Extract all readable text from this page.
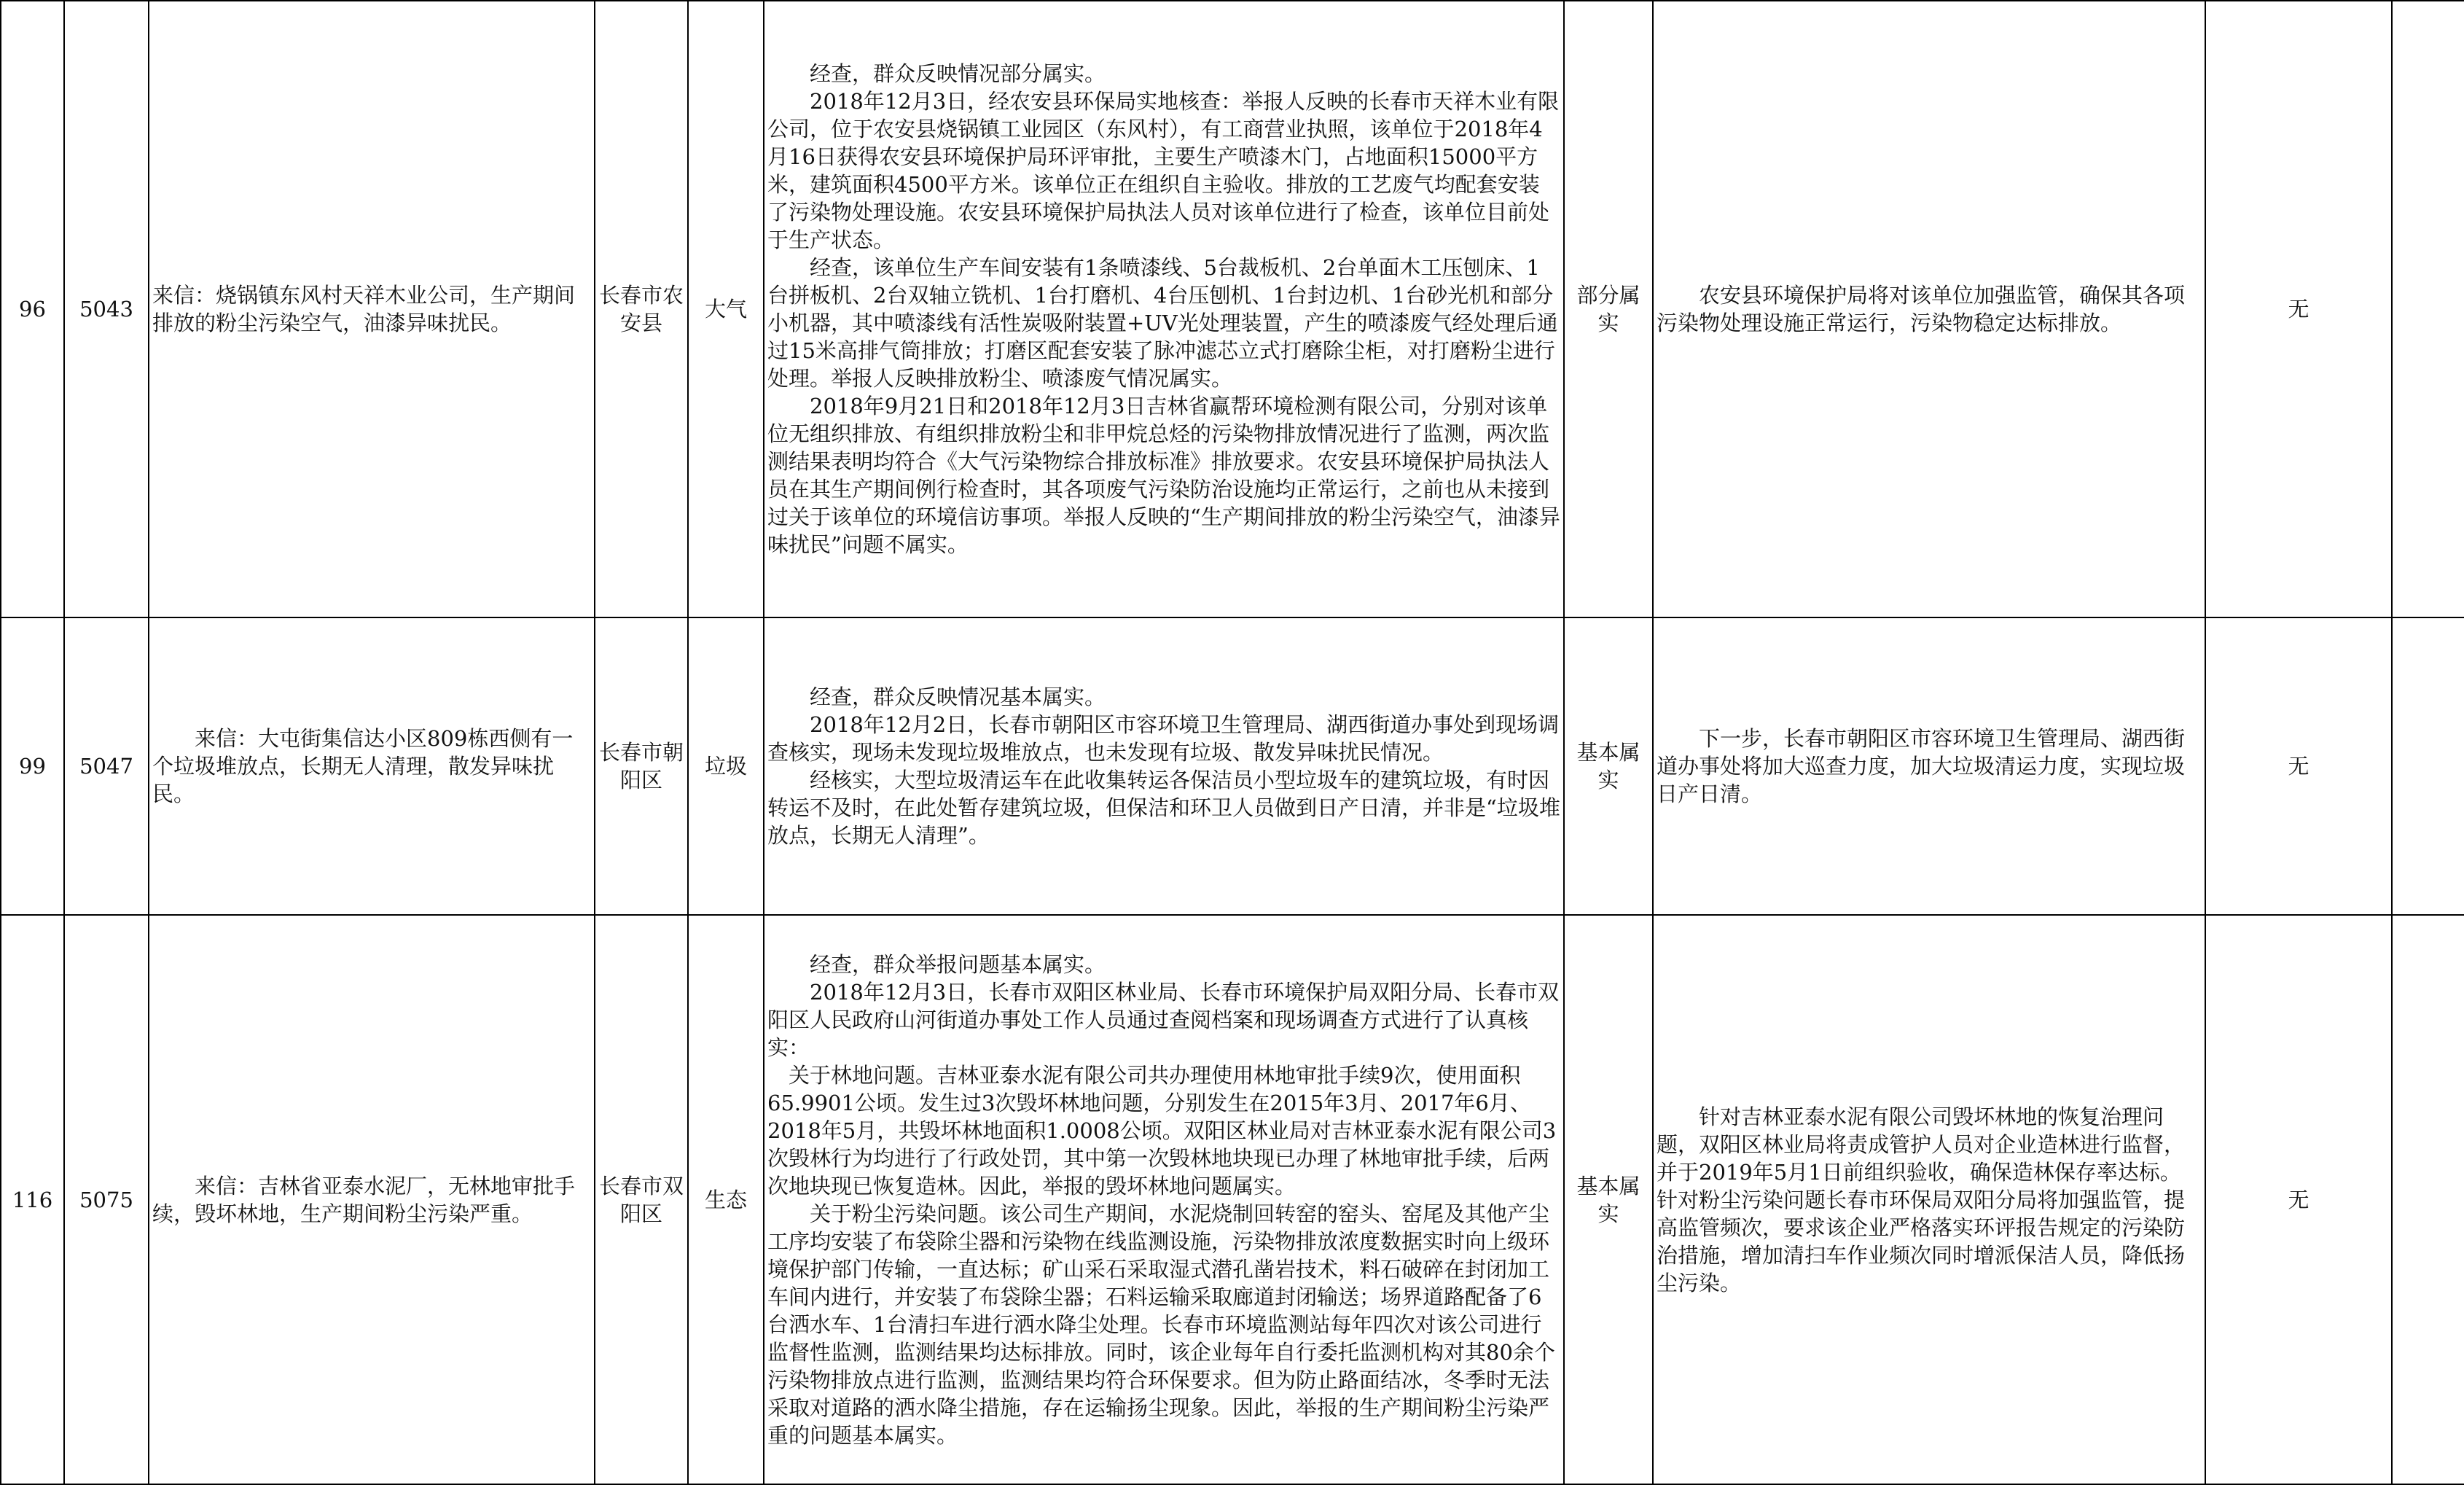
96	5043	来信：烧锅镇东风村天祥木业公司，生产期间排放的粉尘污染空气，油漆异味扰民。	长春市农安县	大气	经查，群众反映情况部分属实。
2018年12月3日，经农安县环保局实地核查：举报人反映的长春市天祥木业有限公司，位于农安县烧锅镇工业园区（东风村），有工商营业执照，该单位于2018年4月16日获得农安县环境保护局环评审批，主要生产喷漆木门，占地面积15000平方米，建筑面积4500平方米。该单位正在组织自主验收。排放的工艺废气均配套安装了污染物处理设施。农安县环境保护局执法人员对该单位进行了检查，该单位目前处于生产状态。
经查，该单位生产车间安装有1条喷漆线、5台裁板机、2台单面木工压刨床、1台拼板机、2台双轴立铣机、1台打磨机、4台压刨机、1台封边机、1台砂光机和部分小机器，其中喷漆线有活性炭吸附装置+UV光处理装置，产生的喷漆废气经处理后通过15米高排气筒排放；打磨区配套安装了脉冲滤芯立式打磨除尘柜，对打磨粉尘进行处理。举报人反映排放粉尘、喷漆废气情况属实。
2018年9月21日和2018年12月3日吉林省赢帮环境检测有限公司，分别对该单位无组织排放、有组织排放粉尘和非甲烷总烃的污染物排放情况进行了监测，两次监测结果表明均符合《大气污染物综合排放标准》排放要求。农安县环境保护局执法人员在其生产期间例行检查时，其各项废气污染防治设施均正常运行，之前也从未接到过关于该单位的环境信访事项。举报人反映的“生产期间排放的粉尘污染空气，油漆异味扰民”问题不属实。	部分属实	农安县环境保护局将对该单位加强监管，确保其各项污染物处理设施正常运行，污染物稳定达标排放。	无	
99	5047	来信：大屯街集信达小区809栋西侧有一个垃圾堆放点，长期无人清理，散发异味扰民。	长春市朝阳区	垃圾	经查，群众反映情况基本属实。
2018年12月2日，长春市朝阳区市容环境卫生管理局、湖西街道办事处到现场调查核实，现场未发现垃圾堆放点，也未发现有垃圾、散发异味扰民情况。
经核实，大型垃圾清运车在此收集转运各保洁员小型垃圾车的建筑垃圾，有时因转运不及时，在此处暂存建筑垃圾，但保洁和环卫人员做到日产日清，并非是“垃圾堆放点，长期无人清理”。	基本属实	下一步，长春市朝阳区市容环境卫生管理局、湖西街道办事处将加大巡查力度，加大垃圾清运力度，实现垃圾日产日清。	无	
116	5075	来信：吉林省亚泰水泥厂，无林地审批手续，毁坏林地，生产期间粉尘污染严重。	长春市双阳区	生态	经查，群众举报问题基本属实。
2018年12月3日，长春市双阳区林业局、长春市环境保护局双阳分局、长春市双阳区人民政府山河街道办事处工作人员通过查阅档案和现场调查方式进行了认真核实：
关于林地问题。吉林亚泰水泥有限公司共办理使用林地审批手续9次，使用面积65.9901公顷。发生过3次毁坏林地问题，分别发生在2015年3月、2017年6月、2018年5月，共毁坏林地面积1.0008公顷。双阳区林业局对吉林亚泰水泥有限公司3次毁林行为均进行了行政处罚，其中第一次毁林地块现已办理了林地审批手续，后两次地块现已恢复造林。因此，举报的毁坏林地问题属实。
关于粉尘污染问题。该公司生产期间，水泥烧制回转窑的窑头、窑尾及其他产尘工序均安装了布袋除尘器和污染物在线监测设施，污染物排放浓度数据实时向上级环境保护部门传输，一直达标；矿山采石采取湿式潜孔凿岩技术，料石破碎在封闭加工车间内进行，并安装了布袋除尘器；石料运输采取廊道封闭输送；场界道路配备了6台洒水车、1台清扫车进行洒水降尘处理。长春市环境监测站每年四次对该公司进行监督性监测，监测结果均达标排放。同时，该企业每年自行委托监测机构对其80余个污染物排放点进行监测，监测结果均符合环保要求。但为防止路面结冰，冬季时无法采取对道路的洒水降尘措施，存在运输扬尘现象。因此，举报的生产期间粉尘污染严重的问题基本属实。	基本属实	针对吉林亚泰水泥有限公司毁坏林地的恢复治理问题，双阳区林业局将责成管护人员对企业造林进行监督，并于2019年5月1日前组织验收，确保造林保存率达标。针对粉尘污染问题长春市环保局双阳分局将加强监管，提高监管频次，要求该企业严格落实环评报告规定的污染防治措施，增加清扫车作业频次同时增派保洁人员，降低扬尘污染。	无	
